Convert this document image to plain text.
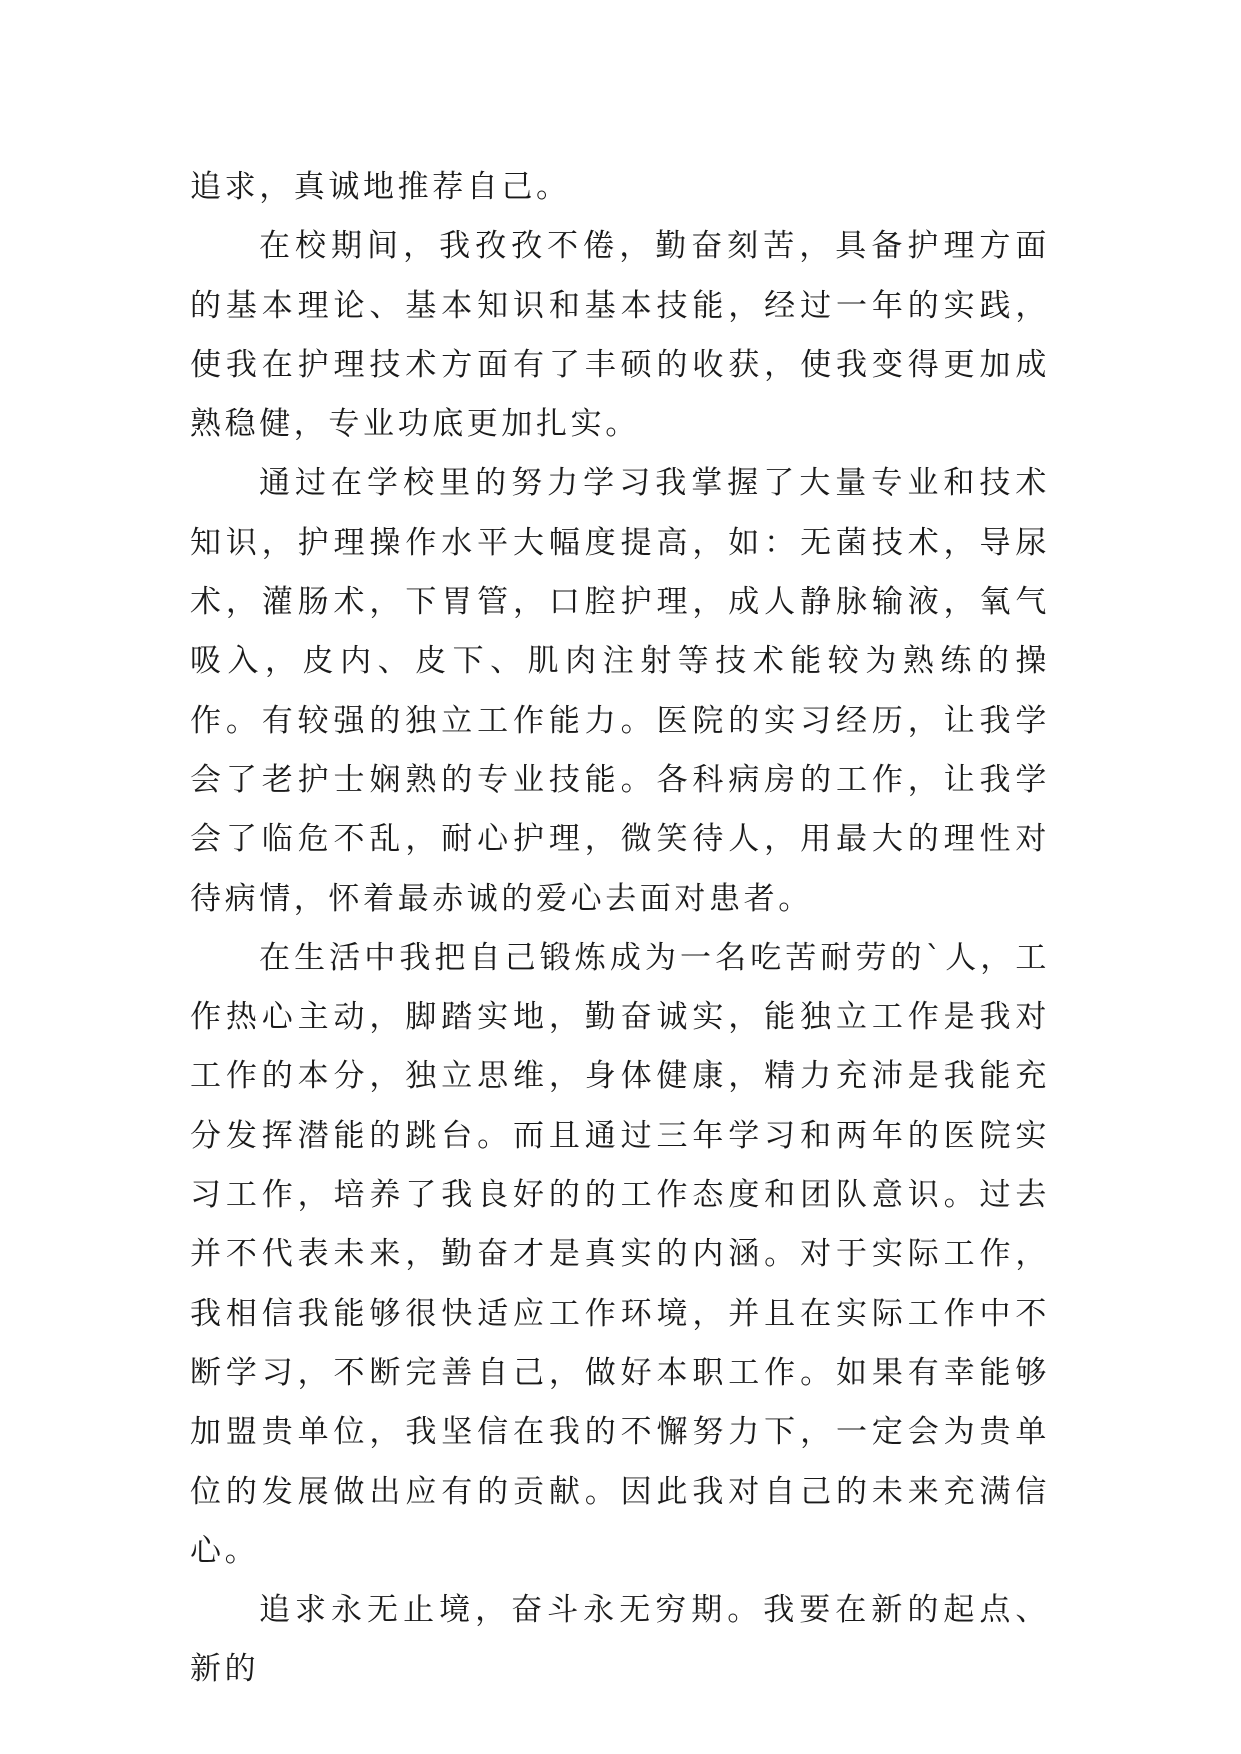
追求，真诚地推荐自己。

在校期间，我孜孜不倦，勤奋刻苦，具备护理方面的基本理论、基本知识和基本技能，经过一年的实践，使我在护理技术方面有了丰硕的收获，使我变得更加成熟稳健，专业功底更加扎实。

通过在学校里的努力学习我掌握了大量专业和技术知识，护理操作水平大幅度提高，如：无菌技术，导尿术，灌肠术，下胃管，口腔护理，成人静脉输液，氧气吸入，皮内、皮下、肌肉注射等技术能较为熟练的操作。有较强的独立工作能力。医院的实习经历，让我学会了老护士娴熟的专业技能。各科病房的工作，让我学会了临危不乱，耐心护理，微笑待人，用最大的理性对待病情，怀着最赤诚的爱心去面对患者。

在生活中我把自己锻炼成为一名吃苦耐劳的`人，工作热心主动，脚踏实地，勤奋诚实，能独立工作是我对工作的本分，独立思维，身体健康，精力充沛是我能充分发挥潜能的跳台。而且通过三年学习和两年的医院实习工作，培养了我良好的的工作态度和团队意识。过去并不代表未来，勤奋才是真实的内涵。对于实际工作，我相信我能够很快适应工作环境，并且在实际工作中不断学习，不断完善自己，做好本职工作。如果有幸能够加盟贵单位，我坚信在我的不懈努力下，一定会为贵单位的发展做出应有的贡献。因此我对自己的未来充满信心。

追求永无止境，奋斗永无穷期。我要在新的起点、新的
